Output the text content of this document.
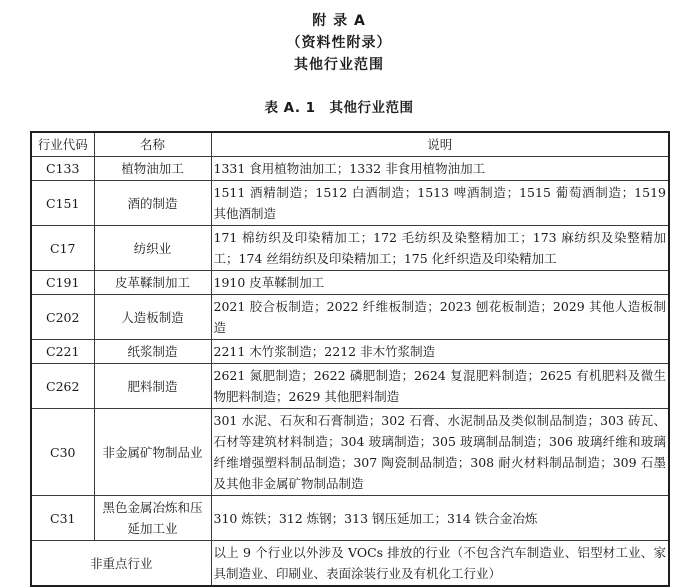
附 录 A
（资料性附录）
其他行业范围
表 A. 1　其他行业范围
行业代码	名称	说明
C133	植物油加工	1331 食用植物油加工；1332 非食用植物油加工
C151	酒的制造	1511 酒精制造；1512 白酒制造；1513 啤酒制造；1515 葡萄酒制造；1519 其他酒制造
C17	纺织业	171 棉纺织及印染精加工；172 毛纺织及染整精加工；173 麻纺织及染整精加工；174 丝绢纺织及印染精加工；175 化纤织造及印染精加工
C191	皮革鞣制加工	1910 皮革鞣制加工
C202	人造板制造	2021 胶合板制造；2022 纤维板制造；2023 刨花板制造；2029 其他人造板制造
C221	纸浆制造	2211 木竹浆制造；2212 非木竹浆制造
C262	肥料制造	2621 氮肥制造；2622 磷肥制造；2624 复混肥料制造；2625 有机肥料及微生物肥料制造；2629 其他肥料制造
C30	非金属矿物制品业	301 水泥、石灰和石膏制造；302 石膏、水泥制品及类似制品制造；303 砖瓦、石材等建筑材料制造；304 玻璃制造；305 玻璃制品制造；306 玻璃纤维和玻璃纤维增强塑料制品制造；307 陶瓷制品制造；308 耐火材料制品制造；309 石墨及其他非金属矿物制品制造
C31	黑色金属冶炼和压延加工业	310 炼铁；312 炼钢；313 钢压延加工；314 铁合金冶炼
非重点行业		以上 9 个行业以外涉及 VOCs 排放的行业（不包含汽车制造业、铝型材工业、家具制造业、印刷业、表面涂装行业及有机化工行业）
